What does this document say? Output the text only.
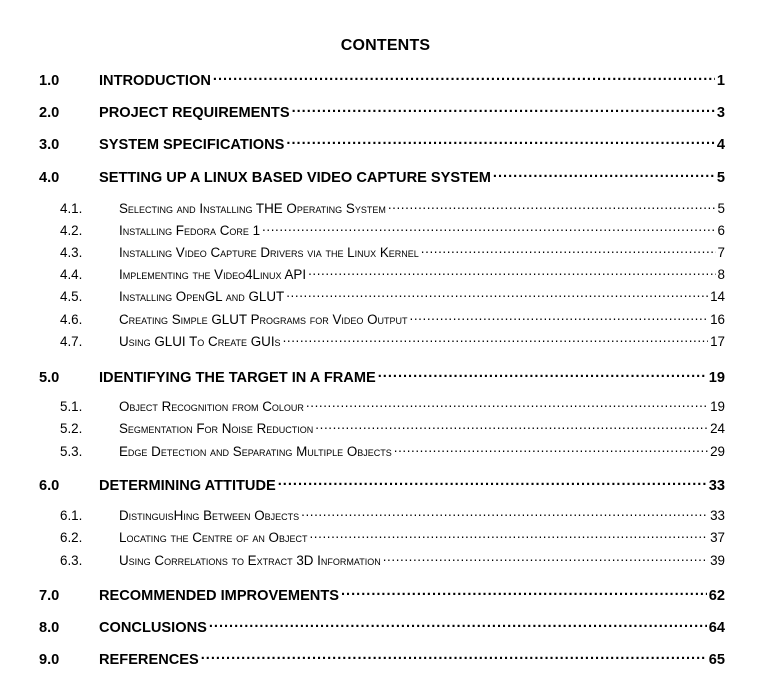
CONTENTS
1.0	INTRODUCTION .....	1
2.0	PROJECT REQUIREMENTS .....	3
3.0	SYSTEM SPECIFICATIONS .....	4
4.0	SETTING UP A LINUX BASED VIDEO CAPTURE SYSTEM .....	5
4.1.	Selecting and Installing THE Operating System .....	5
4.2.	Installing Fedora Core 1 .....	6
4.3.	Installing Video Capture Drivers via the Linux Kernel .....	7
4.4.	Implementing the Video4Linux API .....	8
4.5.	Installing OpenGL and GLUT .....	14
4.6.	Creating Simple GLUT Programs for Video Output .....	16
4.7.	Using GLUI To Create GUIs .....	17
5.0	IDENTIFYING THE TARGET IN A FRAME .....	19
5.1.	Object Recognition from Colour .....	19
5.2.	Segmentation For Noise Reduction .....	24
5.3.	Edge Detection and Separating Multiple Objects .....	29
6.0	DETERMINING ATTITUDE .....	33
6.1.	DistinguisHing Between Objects .....	33
6.2.	Locating the Centre of an Object .....	37
6.3.	Using Correlations to Extract 3D Information .....	39
7.0	RECOMMENDED IMPROVEMENTS .....	62
8.0	CONCLUSIONS .....	64
9.0	REFERENCES .....	65
